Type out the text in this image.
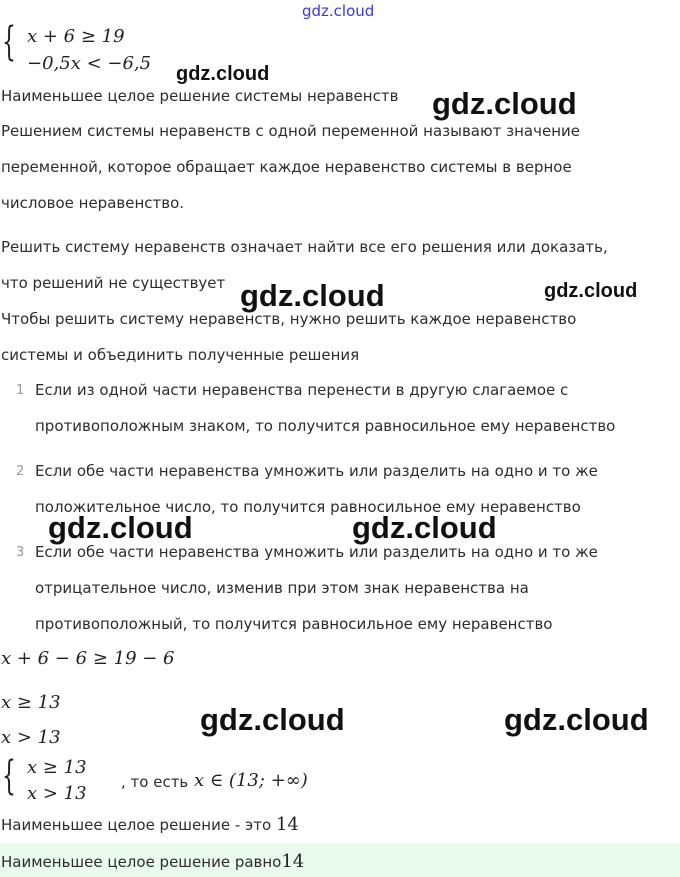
gdz.cloud
{ x + 6 ≥ 19
−0,5x < −6,5
Наименьшее целое решение системы неравенств
Решением системы неравенств с одной переменной называют значение
переменной, которое обращает каждое неравенство системы в верное
числовое неравенство.
Решить систему неравенств означает найти все его решения или доказать,
что решений не существует
Чтобы решить систему неравенств, нужно решить каждое неравенство
системы и объединить полученные решения
1 Если из одной части неравенства перенести в другую слагаемое с
противоположным знаком, то получится равносильное ему неравенство
2 Если обе части неравенства умножить или разделить на одно и то же
положительное число, то получится равносильное ему неравенство
3 Если обе части неравенства умножить или разделить на одно и то же
отрицательное число, изменив при этом знак неравенства на
противоположный, то получится равносильное ему неравенство
x + 6 − 6 ≥ 19 − 6
x ≥ 13
x > 13
{ x ≥ 13
x > 13
, то есть x ∈ (13; +∞)
Наименьшее целое решение - это 14
Наименьшее целое решение равно14
gdz.cloud
gdz.cloud
gdz.cloud	gdz.cloud
gdz.cloud	gdz.cloud
gdz.cloud	gdz.cloud
